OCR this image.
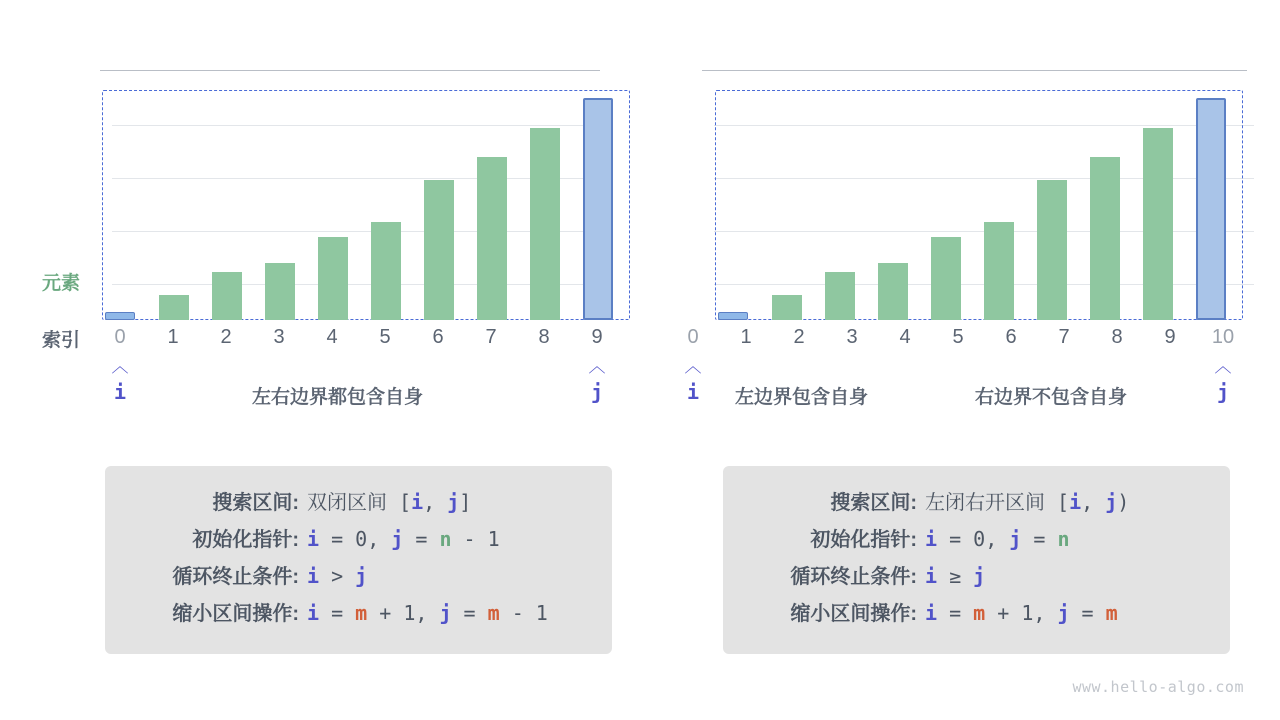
元素
索引	0	1	2	3	4	5	6	7	8	9
︿
i
︿
j
左右边界都包含自身
搜索区间: 双闭区间 [i, j]
初始化指针: i = 0, j = n - 1
循环终止条件: i > j
缩小区间操作: i = m + 1, j = m - 1
0	1	2	3	4	5	6	7	8	9	10
︿
i
︿
j
左边界包含自身	右边界不包含自身
搜索区间: 左闭右开区间 [i, j)
初始化指针: i = 0, j = n
循环终止条件: i ≥ j
缩小区间操作: i = m + 1, j = m
www.hello-algo.com
